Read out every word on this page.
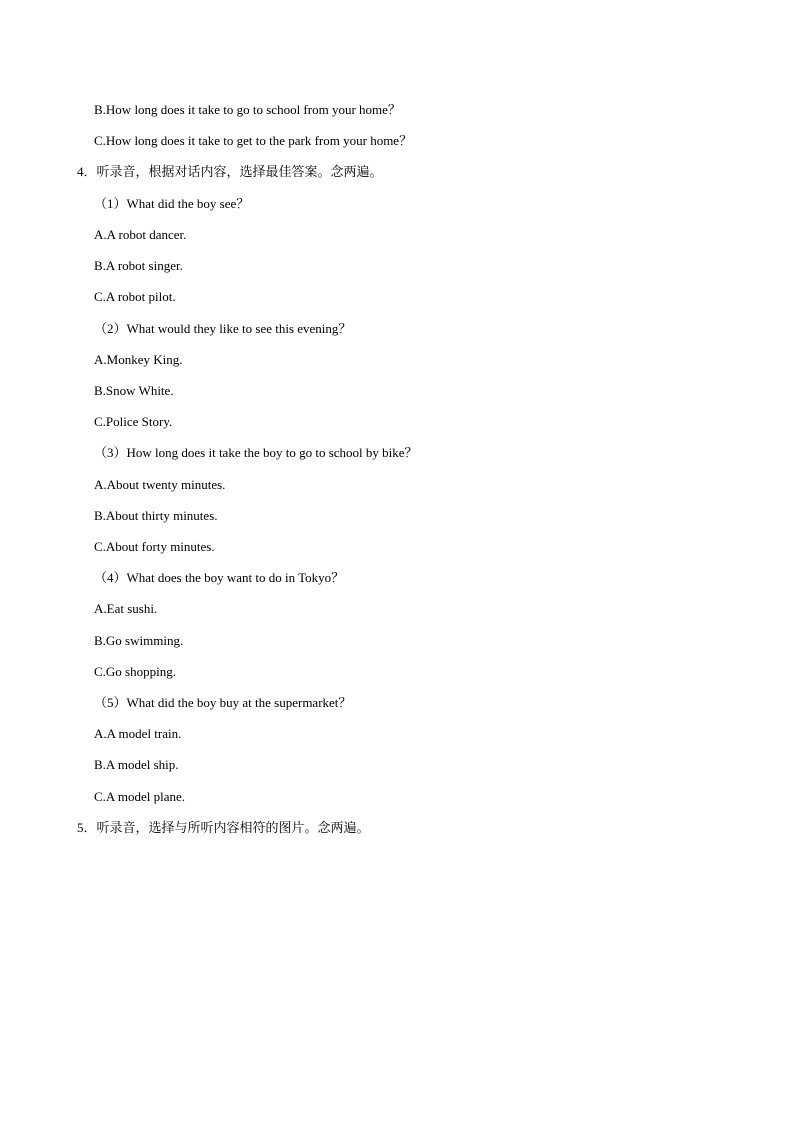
B.How long does it take to go to school from your home？
C.How long does it take to get to the park from your home？
4．听录音，根据对话内容，选择最佳答案。念两遍。
（1）What did the boy see？
A.A robot dancer.
B.A robot singer.
C.A robot pilot.
（2）What would they like to see this evening？
A.Monkey King.
B.Snow White.
C.Police Story.
（3）How long does it take the boy to go to school by bike？
A.About twenty minutes.
B.About thirty minutes.
C.About forty minutes.
（4）What does the boy want to do in Tokyo？
A.Eat sushi.
B.Go swimming.
C.Go shopping.
（5）What did the boy buy at the supermarket？
A.A model train.
B.A model ship.
C.A model plane.
5．听录音，选择与所听内容相符的图片。念两遍。
